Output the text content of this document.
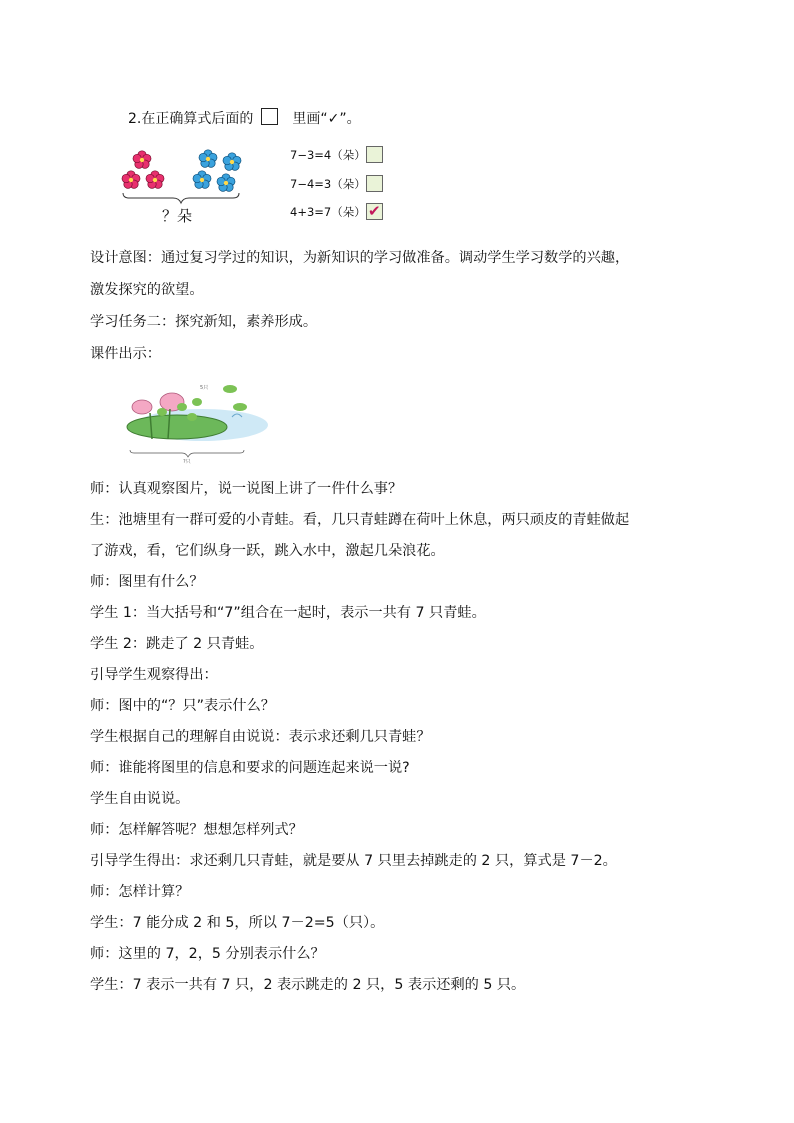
2.在正确算式后面的	里画“✓”。
？朵
7−3=4（朵）
7−4=3（朵）
4+3=7（朵） ✔
设计意图：通过复习学过的知识，为新知识的学习做准备。调动学生学习数学的兴趣，
激发探究的欲望。
学习任务二：探究新知，素养形成。
课件出示：
5只
?只
师：认真观察图片，说一说图上讲了一件什么事？
生：池塘里有一群可爱的小青蛙。看，几只青蛙蹲在荷叶上休息，两只顽皮的青蛙做起
了游戏，看，它们纵身一跃，跳入水中，激起几朵浪花。
师：图里有什么？
学生 1：当大括号和“7”组合在一起时，表示一共有 7 只青蛙。
学生 2：跳走了 2 只青蛙。
引导学生观察得出：
师：图中的“？只”表示什么？
学生根据自己的理解自由说说：表示求还剩几只青蛙？
师：谁能将图里的信息和要求的问题连起来说一说?
学生自由说说。
师：怎样解答呢？想想怎样列式？
引导学生得出：求还剩几只青蛙，就是要从 7 只里去掉跳走的 2 只，算式是 7－2。
师：怎样计算？
学生：7 能分成 2 和 5，所以 7－2=5（只）。
师：这里的 7，2，5 分别表示什么？
学生：7 表示一共有 7 只，2 表示跳走的 2 只，5 表示还剩的 5 只。
